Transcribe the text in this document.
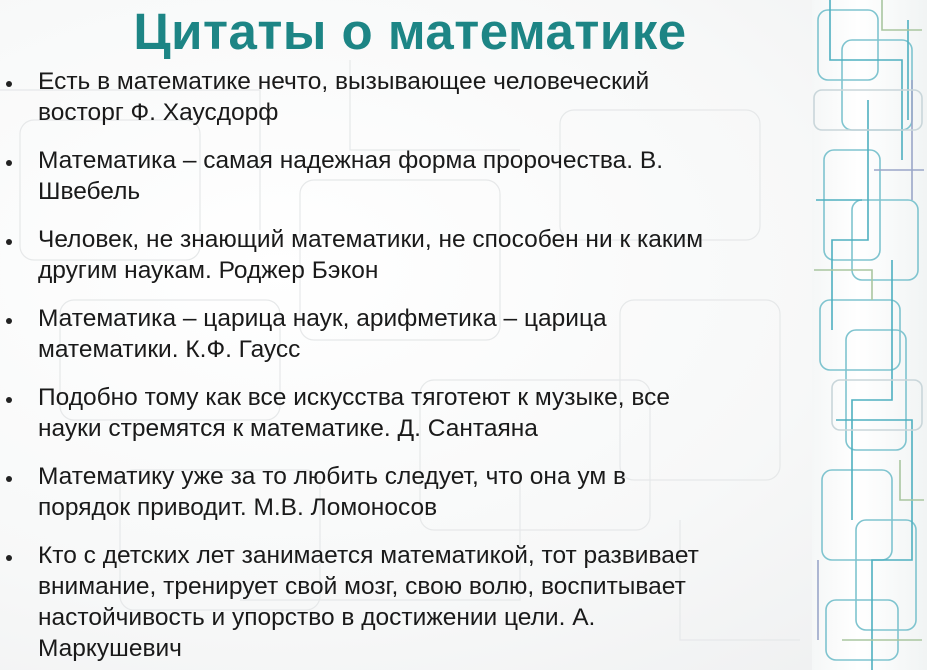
Цитаты о математике
Есть в математике нечто, вызывающее человеческий
восторг Ф. Хаусдорф
Математика – самая надежная форма пророчества. В.
Швебель
Человек, не знающий математики, не способен ни к каким
другим наукам. Роджер Бэкон
Математика – царица наук, арифметика – царица
математики. К.Ф. Гаусс
Подобно тому как все искусства тяготеют к музыке, все
науки стремятся к математике. Д. Сантаяна
Математику уже за то любить следует, что она ум в
порядок приводит. М.В. Ломоносов
Кто с детских лет занимается математикой, тот развивает
внимание, тренирует свой мозг, свою волю, воспитывает
настойчивость и упорство в достижении цели. А.
Маркушевич
